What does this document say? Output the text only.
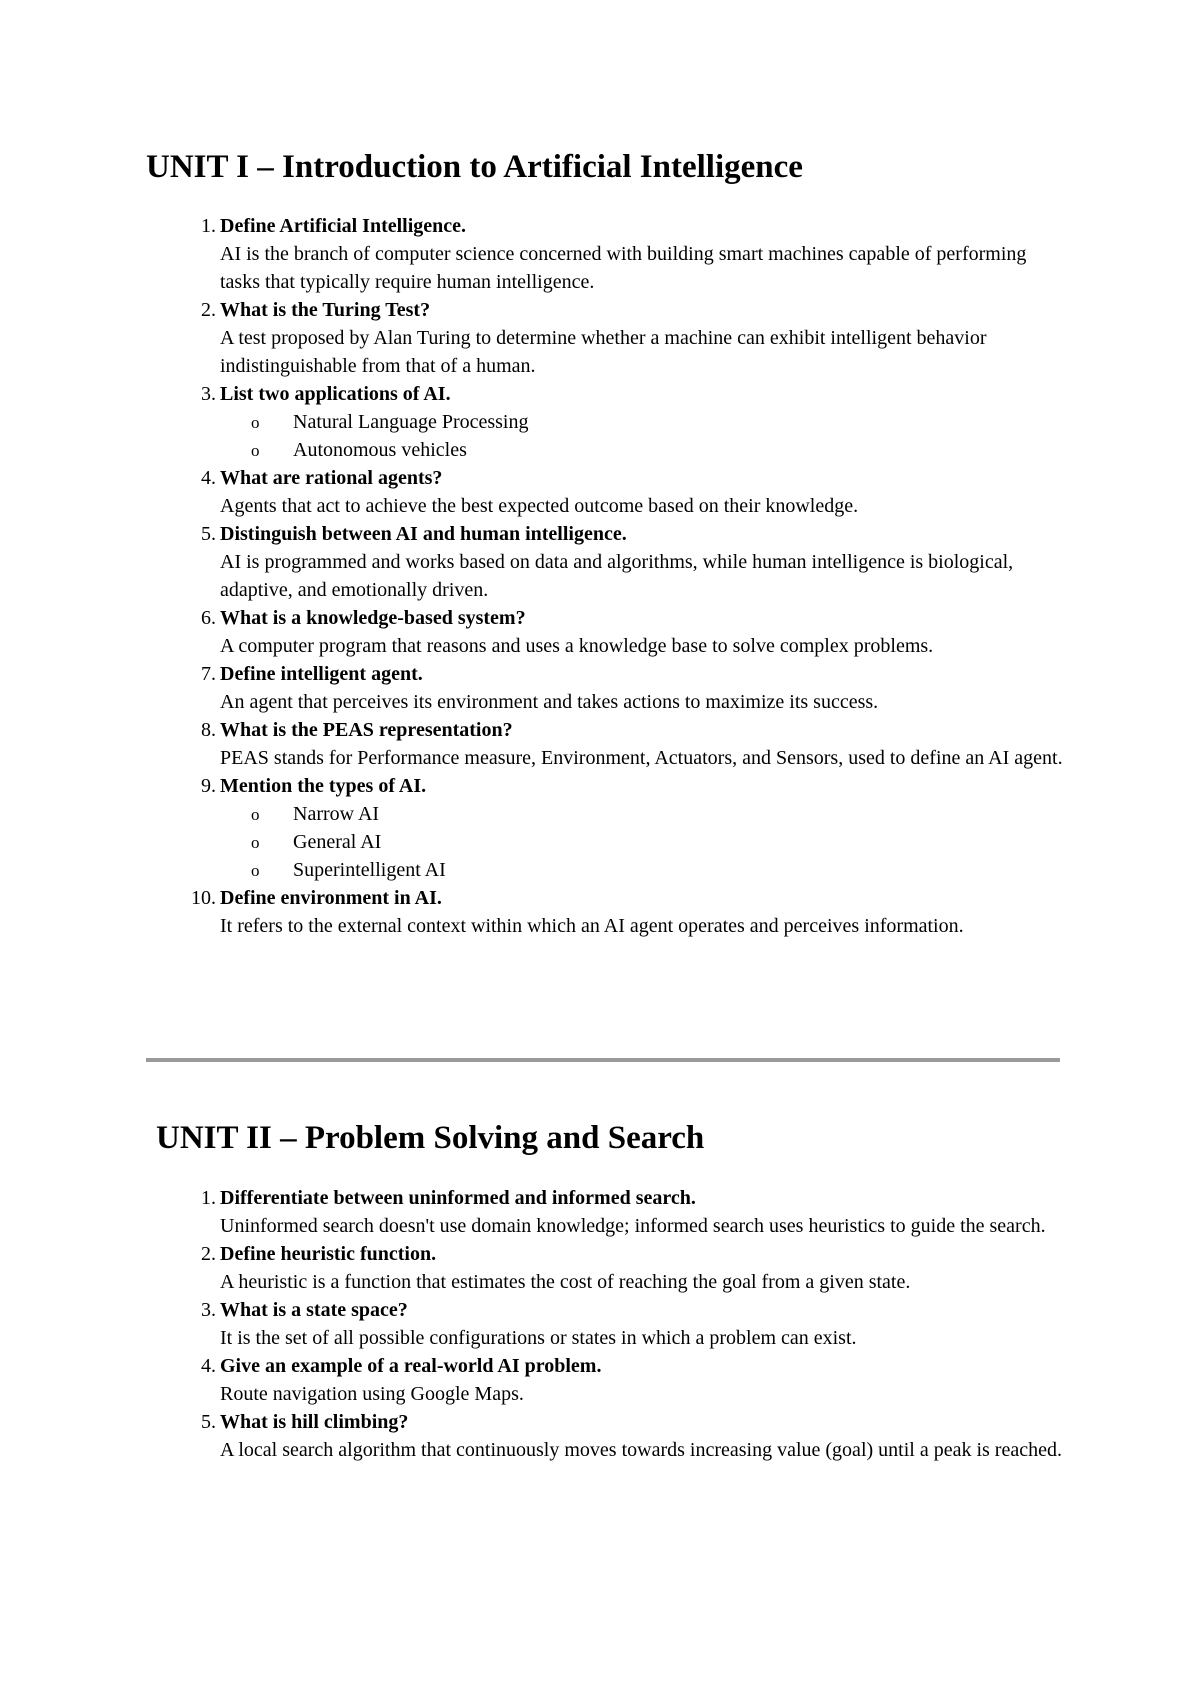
UNIT I – Introduction to Artificial Intelligence
1. Define Artificial Intelligence.
AI is the branch of computer science concerned with building smart machines capable of performing tasks that typically require human intelligence.
2. What is the Turing Test?
A test proposed by Alan Turing to determine whether a machine can exhibit intelligent behavior indistinguishable from that of a human.
3. List two applications of AI.
o Natural Language Processing
o Autonomous vehicles
4. What are rational agents?
Agents that act to achieve the best expected outcome based on their knowledge.
5. Distinguish between AI and human intelligence.
AI is programmed and works based on data and algorithms, while human intelligence is biological, adaptive, and emotionally driven.
6. What is a knowledge-based system?
A computer program that reasons and uses a knowledge base to solve complex problems.
7. Define intelligent agent.
An agent that perceives its environment and takes actions to maximize its success.
8. What is the PEAS representation?
PEAS stands for Performance measure, Environment, Actuators, and Sensors, used to define an AI agent.
9. Mention the types of AI.
o Narrow AI
o General AI
o Superintelligent AI
10. Define environment in AI.
It refers to the external context within which an AI agent operates and perceives information.
UNIT II – Problem Solving and Search
1. Differentiate between uninformed and informed search.
Uninformed search doesn't use domain knowledge; informed search uses heuristics to guide the search.
2. Define heuristic function.
A heuristic is a function that estimates the cost of reaching the goal from a given state.
3. What is a state space?
It is the set of all possible configurations or states in which a problem can exist.
4. Give an example of a real-world AI problem.
Route navigation using Google Maps.
5. What is hill climbing?
A local search algorithm that continuously moves towards increasing value (goal) until a peak is reached.
